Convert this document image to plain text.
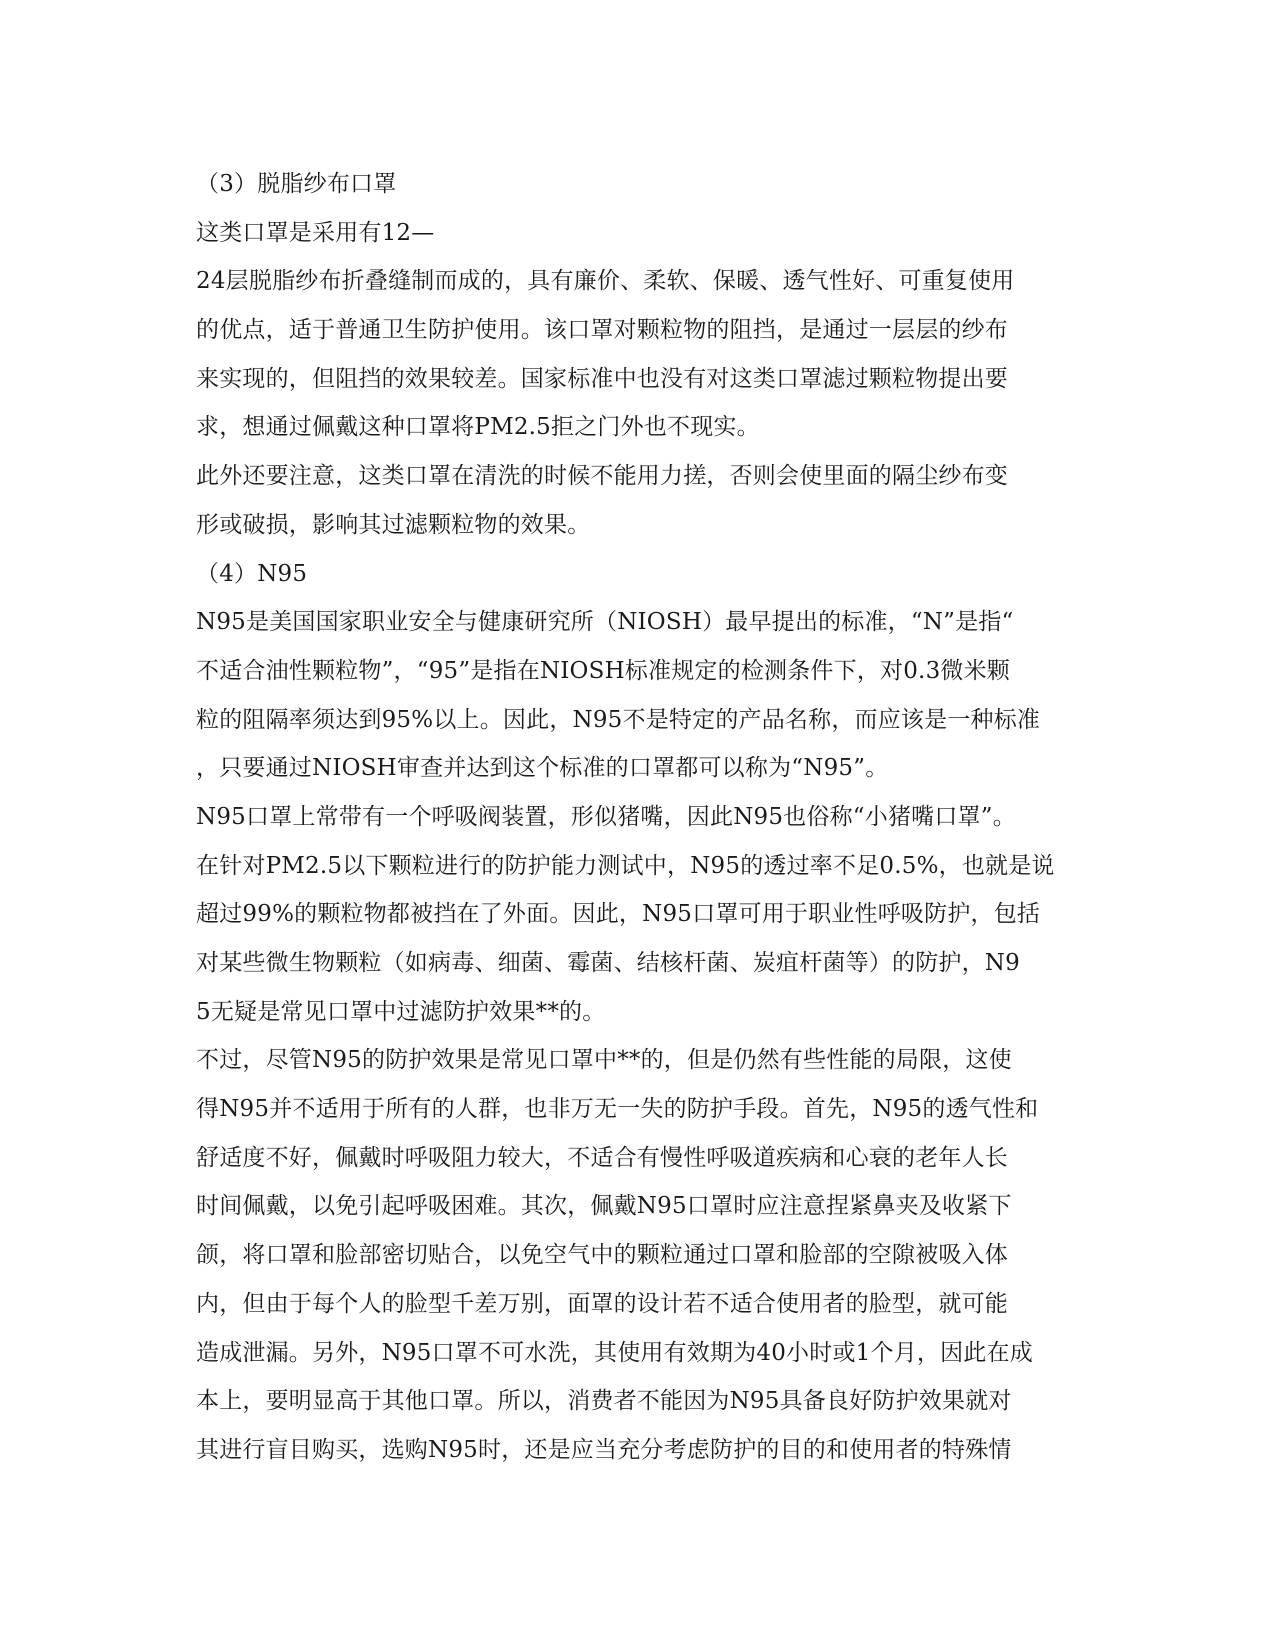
（3）脱脂纱布口罩
这类口罩是采用有12—
24层脱脂纱布折叠缝制而成的，具有廉价、柔软、保暖、透气性好、可重复使用
的优点，适于普通卫生防护使用。该口罩对颗粒物的阻挡，是通过一层层的纱布
来实现的，但阻挡的效果较差。国家标准中也没有对这类口罩滤过颗粒物提出要
求，想通过佩戴这种口罩将PM2.5拒之门外也不现实。
此外还要注意，这类口罩在清洗的时候不能用力搓，否则会使里面的隔尘纱布变
形或破损，影响其过滤颗粒物的效果。
（4）N95
N95是美国国家职业安全与健康研究所（NIOSH）最早提出的标准，“N”是指“
不适合油性颗粒物”，“95”是指在NIOSH标准规定的检测条件下，对0.3微米颗
粒的阻隔率须达到95%以上。因此，N95不是特定的产品名称，而应该是一种标准
，只要通过NIOSH审查并达到这个标准的口罩都可以称为“N95”。
N95口罩上常带有一个呼吸阀装置，形似猪嘴，因此N95也俗称“小猪嘴口罩”。
在针对PM2.5以下颗粒进行的防护能力测试中，N95的透过率不足0.5%，也就是说
超过99%的颗粒物都被挡在了外面。因此，N95口罩可用于职业性呼吸防护，包括
对某些微生物颗粒（如病毒、细菌、霉菌、结核杆菌、炭疽杆菌等）的防护，N9
5无疑是常见口罩中过滤防护效果**的。
不过，尽管N95的防护效果是常见口罩中**的，但是仍然有些性能的局限，这使
得N95并不适用于所有的人群，也非万无一失的防护手段。首先，N95的透气性和
舒适度不好，佩戴时呼吸阻力较大，不适合有慢性呼吸道疾病和心衰的老年人长
时间佩戴，以免引起呼吸困难。其次，佩戴N95口罩时应注意捏紧鼻夹及收紧下
颌，将口罩和脸部密切贴合，以免空气中的颗粒通过口罩和脸部的空隙被吸入体
内，但由于每个人的脸型千差万别，面罩的设计若不适合使用者的脸型，就可能
造成泄漏。另外，N95口罩不可水洗，其使用有效期为40小时或1个月，因此在成
本上，要明显高于其他口罩。所以，消费者不能因为N95具备良好防护效果就对
其进行盲目购买，选购N95时，还是应当充分考虑防护的目的和使用者的特殊情
